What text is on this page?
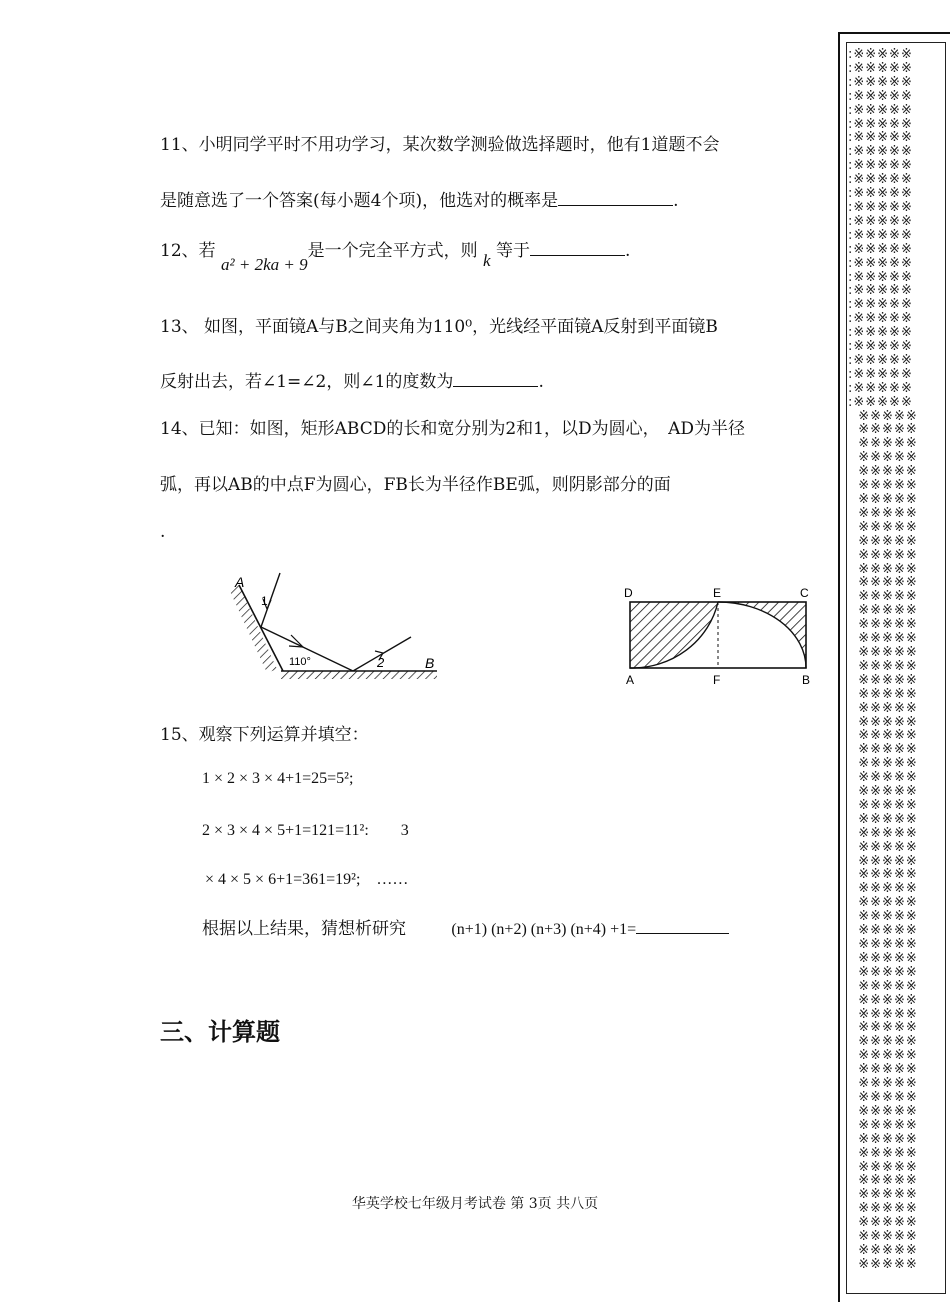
11、小明同学平时不用功学习，某次数学测验做选择题时，他有1道题不会
是随意选了一个答案(每小题4个项)，他选对的概率是	.
12、若 a² + 2ka + 9是一个完全平方式，则 k 等于	.
13、 如图，平面镜A与B之间夹角为110⁰，光线经平面镜A反射到平面镜B
反射出去，若∠1=∠2，则∠1的度数为	.
14、已知：如图，矩形ABCD的长和宽分别为2和1，以D为圆心，　AD为半径
弧，再以AB的中点F为圆心，FB长为半径作BE弧，则阴影部分的面
.
A
B
1
2
110°
D	E	C
A	F	B
15、观察下列运算并填空：
1 × 2 × 3 × 4+1=25=5²;
2 × 3 × 4 × 5+1=121=11²:　　3
× 4 × 5 × 6+1=361=19²;　……
根据以上结果，猜想析研究	(n+1) (n+2) (n+3) (n+4) +1=
三、计算题
华英学校七年级月考试卷 第 3页 共八页
:※※※※※
:※※※※※
:※※※※※
:※※※※※
:※※※※※
:※※※※※
:※※※※※
:※※※※※
:※※※※※
:※※※※※
:※※※※※
:※※※※※
:※※※※※
:※※※※※
:※※※※※
:※※※※※
:※※※※※
:※※※※※
:※※※※※
:※※※※※
:※※※※※
:※※※※※
:※※※※※
:※※※※※
:※※※※※
:※※※※※
※※※※※
※※※※※
※※※※※
※※※※※
※※※※※
※※※※※
※※※※※
※※※※※
※※※※※
※※※※※
※※※※※
※※※※※
※※※※※
※※※※※
※※※※※
※※※※※
※※※※※
※※※※※
※※※※※
※※※※※
※※※※※
※※※※※
※※※※※
※※※※※
※※※※※
※※※※※
※※※※※
※※※※※
※※※※※
※※※※※
※※※※※
※※※※※
※※※※※
※※※※※
※※※※※
※※※※※
※※※※※
※※※※※
※※※※※
※※※※※
※※※※※
※※※※※
※※※※※
※※※※※
※※※※※
※※※※※
※※※※※
※※※※※
※※※※※
※※※※※
※※※※※
※※※※※
※※※※※
※※※※※
※※※※※
※※※※※
※※※※※
※※※※※
※※※※※
※※※※※
※※※※※
※※※※※
